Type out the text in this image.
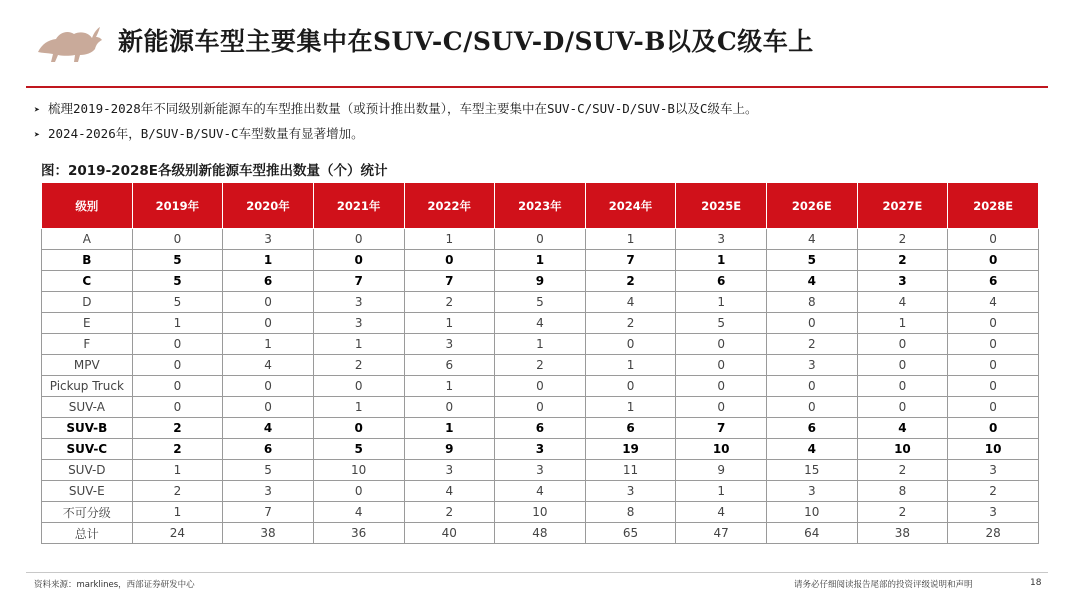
新能源车型主要集中在SUV-C/SUV-D/SUV-B以及C级车上
➤ 梳理2019-2028年不同级别新能源车的车型推出数量（或预计推出数量），车型主要集中在SUV-C/SUV-D/SUV-B以及C级车上。
➤ 2024-2026年，B/SUV-B/SUV-C车型数量有显著增加。
图：2019-2028E各级别新能源车型推出数量（个）统计
级别	2019年	2020年	2021年	2022年	2023年	2024年	2025E	2026E	2027E	2028E
A	0	3	0	1	0	1	3	4	2	0
B	5	1	0	0	1	7	1	5	2	0
C	5	6	7	7	9	2	6	4	3	6
D	5	0	3	2	5	4	1	8	4	4
E	1	0	3	1	4	2	5	0	1	0
F	0	1	1	3	1	0	0	2	0	0
MPV	0	4	2	6	2	1	0	3	0	0
Pickup Truck	0	0	0	1	0	0	0	0	0	0
SUV-A	0	0	1	0	0	1	0	0	0	0
SUV-B	2	4	0	1	6	6	7	6	4	0
SUV-C	2	6	5	9	3	19	10	4	10	10
SUV-D	1	5	10	3	3	11	9	15	2	3
SUV-E	2	3	0	4	4	3	1	3	8	2
不可分级	1	7	4	2	10	8	4	10	2	3
总计	24	38	36	40	48	65	47	64	38	28
资料来源：marklines，西部证券研发中心	请务必仔细阅读报告尾部的投资评级说明和声明	18
